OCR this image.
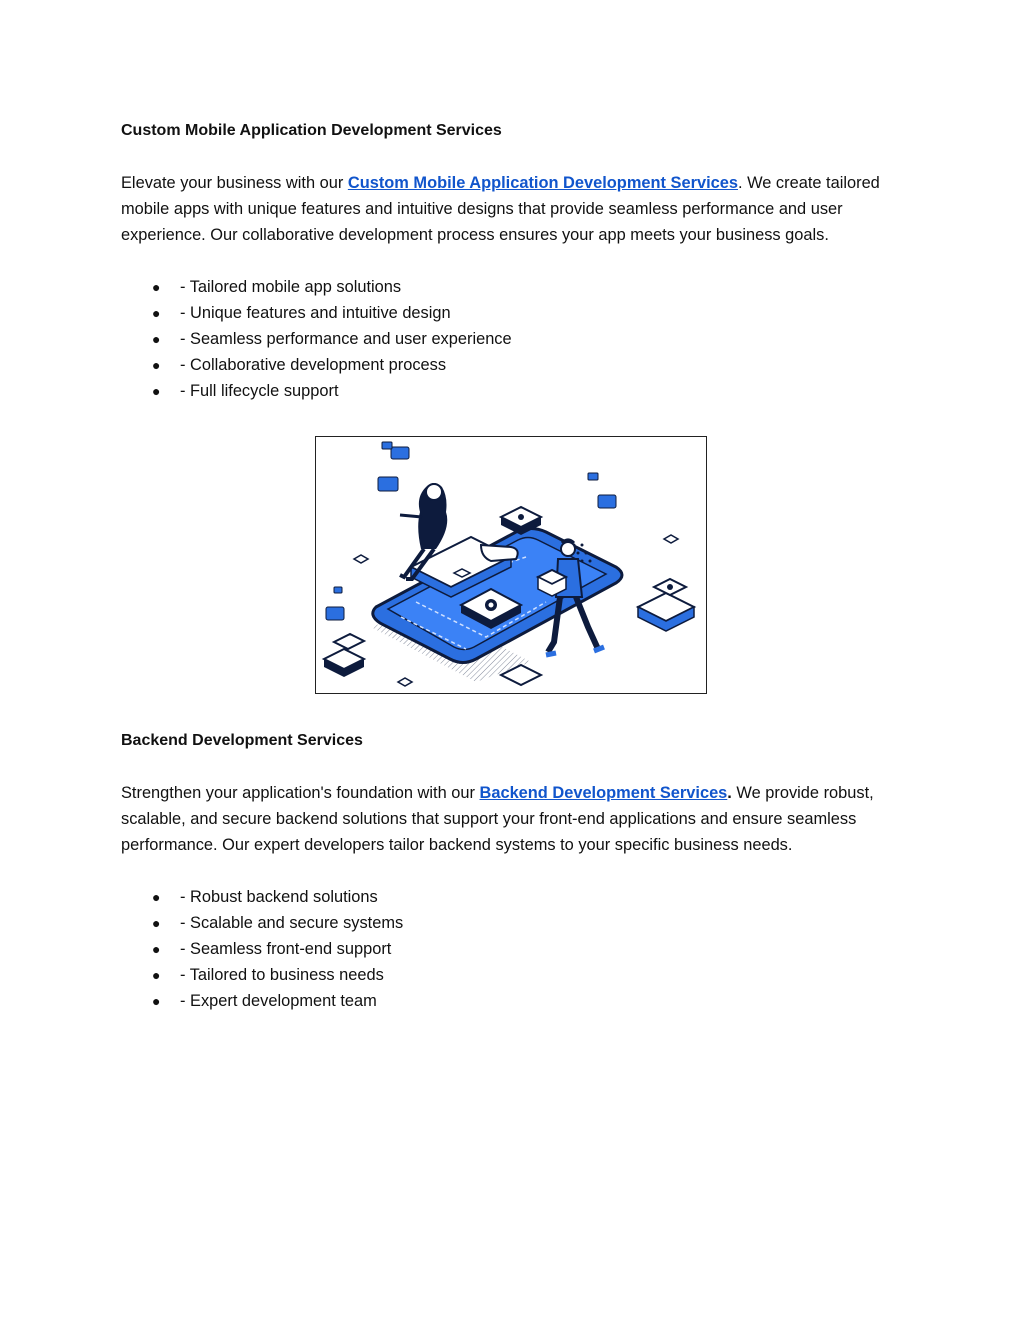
Custom Mobile Application Development Services

Elevate your business with our Custom Mobile Application Development Services. We create tailored mobile apps with unique features and intuitive designs that provide seamless performance and user experience. Our collaborative development process ensures your app meets your business goals.

● - Tailored mobile app solutions
● - Unique features and intuitive design
● - Seamless performance and user experience
● - Collaborative development process
● - Full lifecycle support
Backend Development Services

Strengthen your application's foundation with our Backend Development Services. We provide robust, scalable, and secure backend solutions that support your front-end applications and ensure seamless performance. Our expert developers tailor backend systems to your specific business needs.

● - Robust backend solutions
● - Scalable and secure systems
● - Seamless front-end support
● - Tailored to business needs
● - Expert development team
